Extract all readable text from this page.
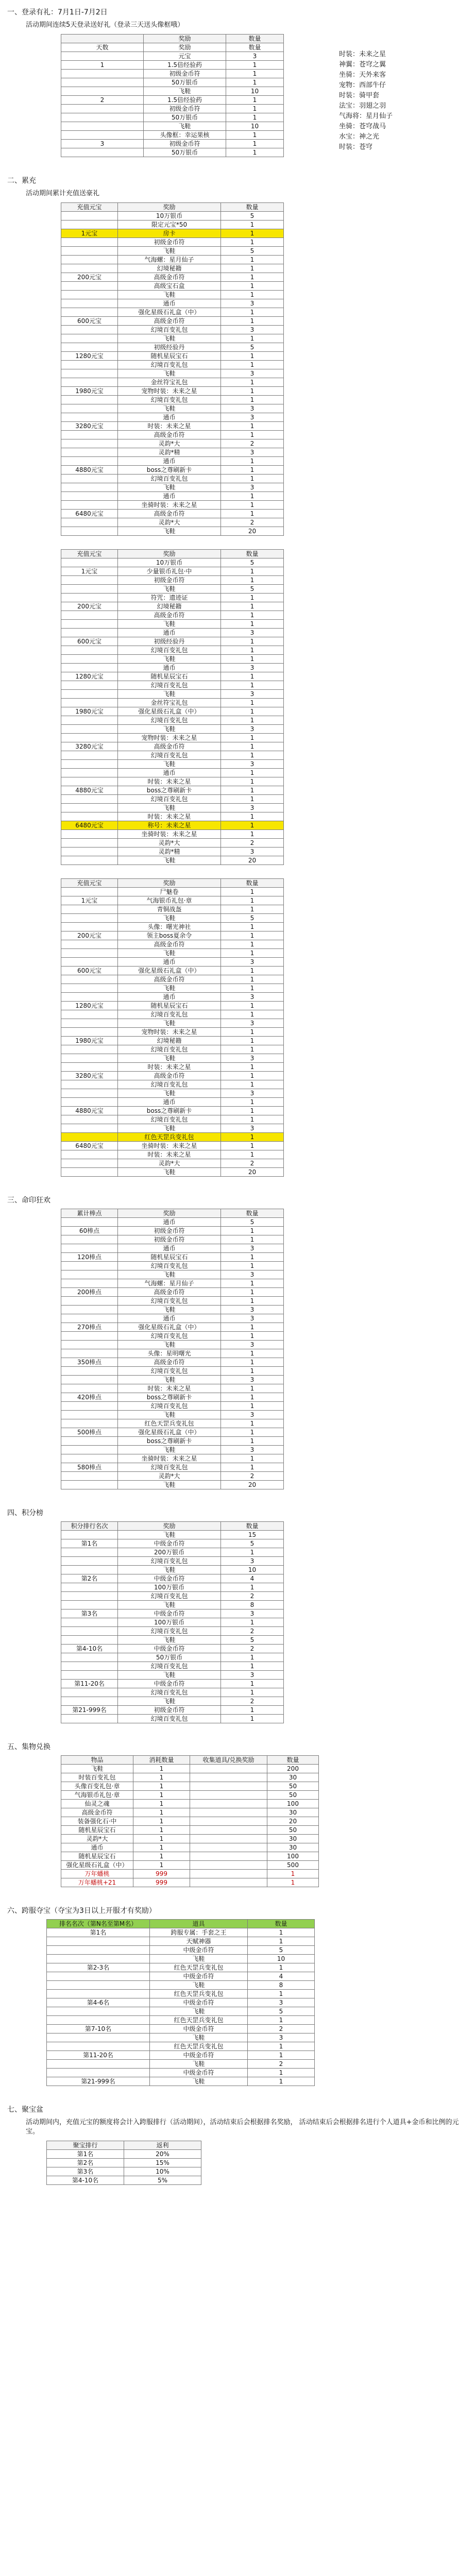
一、登录有礼：7月1日-7月2日
活动期间连续5天登录送好礼（登录三天送头像框哦）
	奖励	数量
天数	奖励	数量
	元宝	3
1	1.5倍经验药	1
	初级金币符	1
	50万银币	1
	飞鞋	10
2	1.5倍经验药	1
	初级金币符	1
	50万银币	1
	飞鞋	10
	头像框：幸运果核	1
3	初级金币符	1
	50万银币	1
时装：未来之星
神翼：苍穹之翼
坐骑：天外来客
宠物：西部牛仔
时装：骑甲套
法宝：羽翅之羽
气海将：星月仙子
坐骑：苍穹战马
水宝：神之光
时装：苍穹
二、累充
活动期间累计充值送豪礼
充值元宝	奖励	数量
	10万银币	5
	限定元宝*50	1
1元宝	房卡	1
	初级金币符	1
	飞鞋	5
	气海螺：星月仙子	1
	幻境秘籍	1
200元宝	高级金币符	1
	高级宝石盒	1
	飞鞋	1
	通币	3
	强化星级石礼盒（中）	1
600元宝	高级金币符	1
	幻境百变礼包	3
	飞鞋	1
	初级经验丹	5
1280元宝	随机星辰宝石	1
	幻境百变礼包	1
	飞鞋	3
	金丝符宝礼包	1
1980元宝	宠物时装：未来之星	1
	幻境百变礼包	1
	飞鞋	3
	通币	3
3280元宝	时装：未来之星	1
	高级金币符	1
	灵韵*大	2
	灵韵*精	3
	通币	1
4880元宝	boss之尊刷新卡	1
	幻境百变礼包	1
	飞鞋	3
	通币	1
	坐骑时装：未来之星	1
6480元宝	高级金币符	1
	灵韵*大	2
	飞鞋	20
充值元宝	奖励	数量
	10万银币	5
1元宝	少量银币礼包·中	1
	初级金币符	1
	飞鞋	5
	符咒：遗迹证	1
200元宝	幻境秘籍	1
	高级金币符	1
	飞鞋	1
	通币	3
600元宝	初级经验丹	1
	幻境百变礼包	1
	飞鞋	1
	通币	3
1280元宝	随机星辰宝石	1
	幻境百变礼包	1
	飞鞋	3
	金丝符宝礼包	1
1980元宝	强化星级石礼盒（中）	1
	幻境百变礼包	1
	飞鞋	3
	宠物时装：未来之星	1
3280元宝	高级金币符	1
	幻境百变礼包	1
	飞鞋	3
	通币	1
	时装：未来之星	1
4880元宝	boss之尊刷新卡	1
	幻境百变礼包	1
	飞鞋	3
	时装：未来之星	1
6480元宝	称号：未来之星	1
	坐骑时装：未来之星	1
	灵韵*大	2
	灵韵*精	3
	飞鞋	20
充值元宝	奖励	数量
	尸魅卷	1
1元宝	气海银币礼包·章	1
	青铜战盔	1
	飞鞋	5
	头像：曙光神社	1
200元宝	领主boss夏余令	1
	高级金币符	1
	飞鞋	1
	通币	3
600元宝	强化星级石礼盒（中）	1
	高级金币符	1
	飞鞋	1
	通币	3
1280元宝	随机星辰宝石	1
	幻境百变礼包	1
	飞鞋	3
	宠物时装：未来之星	1
1980元宝	幻境秘籍	1
	幻境百变礼包	1
	飞鞋	3
	时装：未来之星	1
3280元宝	高级金币符	1
	幻境百变礼包	1
	飞鞋	3
	通币	1
4880元宝	boss之尊刷新卡	1
	幻境百变礼包	1
	飞鞋	3
	红色天罡兵变礼包	1
6480元宝	坐骑时装：未来之星	1
	时装：未来之星	1
	灵韵*大	2
	飞鞋	20
三、命印狂欢
累计棒点	奖励	数量
	通币	5
60棒点	初级金币符	1
	初级金币符	1
	通币	3
120棒点	随机星辰宝石	1
	幻境百变礼包	1
	飞鞋	3
	气海螺：星月仙子	1
200棒点	高级金币符	1
	幻境百变礼包	1
	飞鞋	3
	通币	3
270棒点	强化星级石礼盒（中）	1
	幻境百变礼包	1
	飞鞋	3
	头像：星明曙光	1
350棒点	高级金币符	1
	幻境百变礼包	1
	飞鞋	3
	时装：未来之星	1
420棒点	boss之尊刷新卡	1
	幻境百变礼包	1
	飞鞋	3
	红色天罡兵变礼包	1
500棒点	强化星级石礼盒（中）	1
	boss之尊刷新卡	1
	飞鞋	3
	坐骑时装：未来之星	1
580棒点	幻境百变礼包	1
	灵韵*大	2
	飞鞋	20
四、积分榜
积分排行名次	奖励	数量
	飞鞋	15
第1名	中级金币符	5
	200万银币	1
	幻境百变礼包	3
	飞鞋	10
第2名	中级金币符	4
	100万银币	1
	幻境百变礼包	2
	飞鞋	8
第3名	中级金币符	3
	100万银币	1
	幻境百变礼包	2
	飞鞋	5
第4-10名	中级金币符	2
	50万银币	1
	幻境百变礼包	1
	飞鞋	3
第11-20名	中级金币符	1
	幻境百变礼包	1
	飞鞋	2
第21-999名	初级金币符	1
	幻境百变礼包	1
五、集物兑换
物品	消耗数量	收集道具/兑换奖励	数量
飞鞋	1		200
时装百变礼包	1		30
头像百变礼包·章	1		50
气海银币礼包·章	1		50
仙灵之魂	1		100
高级金币符	1		30
装备强化石·中	1		20
随机星辰宝石	1		50
灵韵*大	1		30
通币	1		30
随机星辰宝石	1		100
强化星级石礼盒（中）	1		500
万年蟠桃	999		1
万年蟠桃+21	999		1
六、跨服夺宝（夺宝为3日以上开服才有奖励）
排名名次（第N名至第M名）	道具	数量
第1名	跨服专属：手套之王	1
	天赋神器	1
	中级金币符	5
	飞鞋	10
第2-3名	红色天罡兵变礼包	1
	中级金币符	4
	飞鞋	8
	红色天罡兵变礼包	1
第4-6名	中级金币符	3
	飞鞋	5
	红色天罡兵变礼包	1
第7-10名	中级金币符	2
	飞鞋	3
	红色天罡兵变礼包	1
第11-20名	中级金币符	1
	飞鞋	2
	中级金币符	1
第21-999名	飞鞋	1
七、聚宝盆
活动期间内，充值元宝的额度将会计入跨服排行（活动期间），活动结束后会根据排名奖励， 活动结束后会根据排名进行个人道具+金币和比例的元宝。
聚宝排行	返利
第1名	20%
第2名	15%
第3名	10%
第4-10名	5%
